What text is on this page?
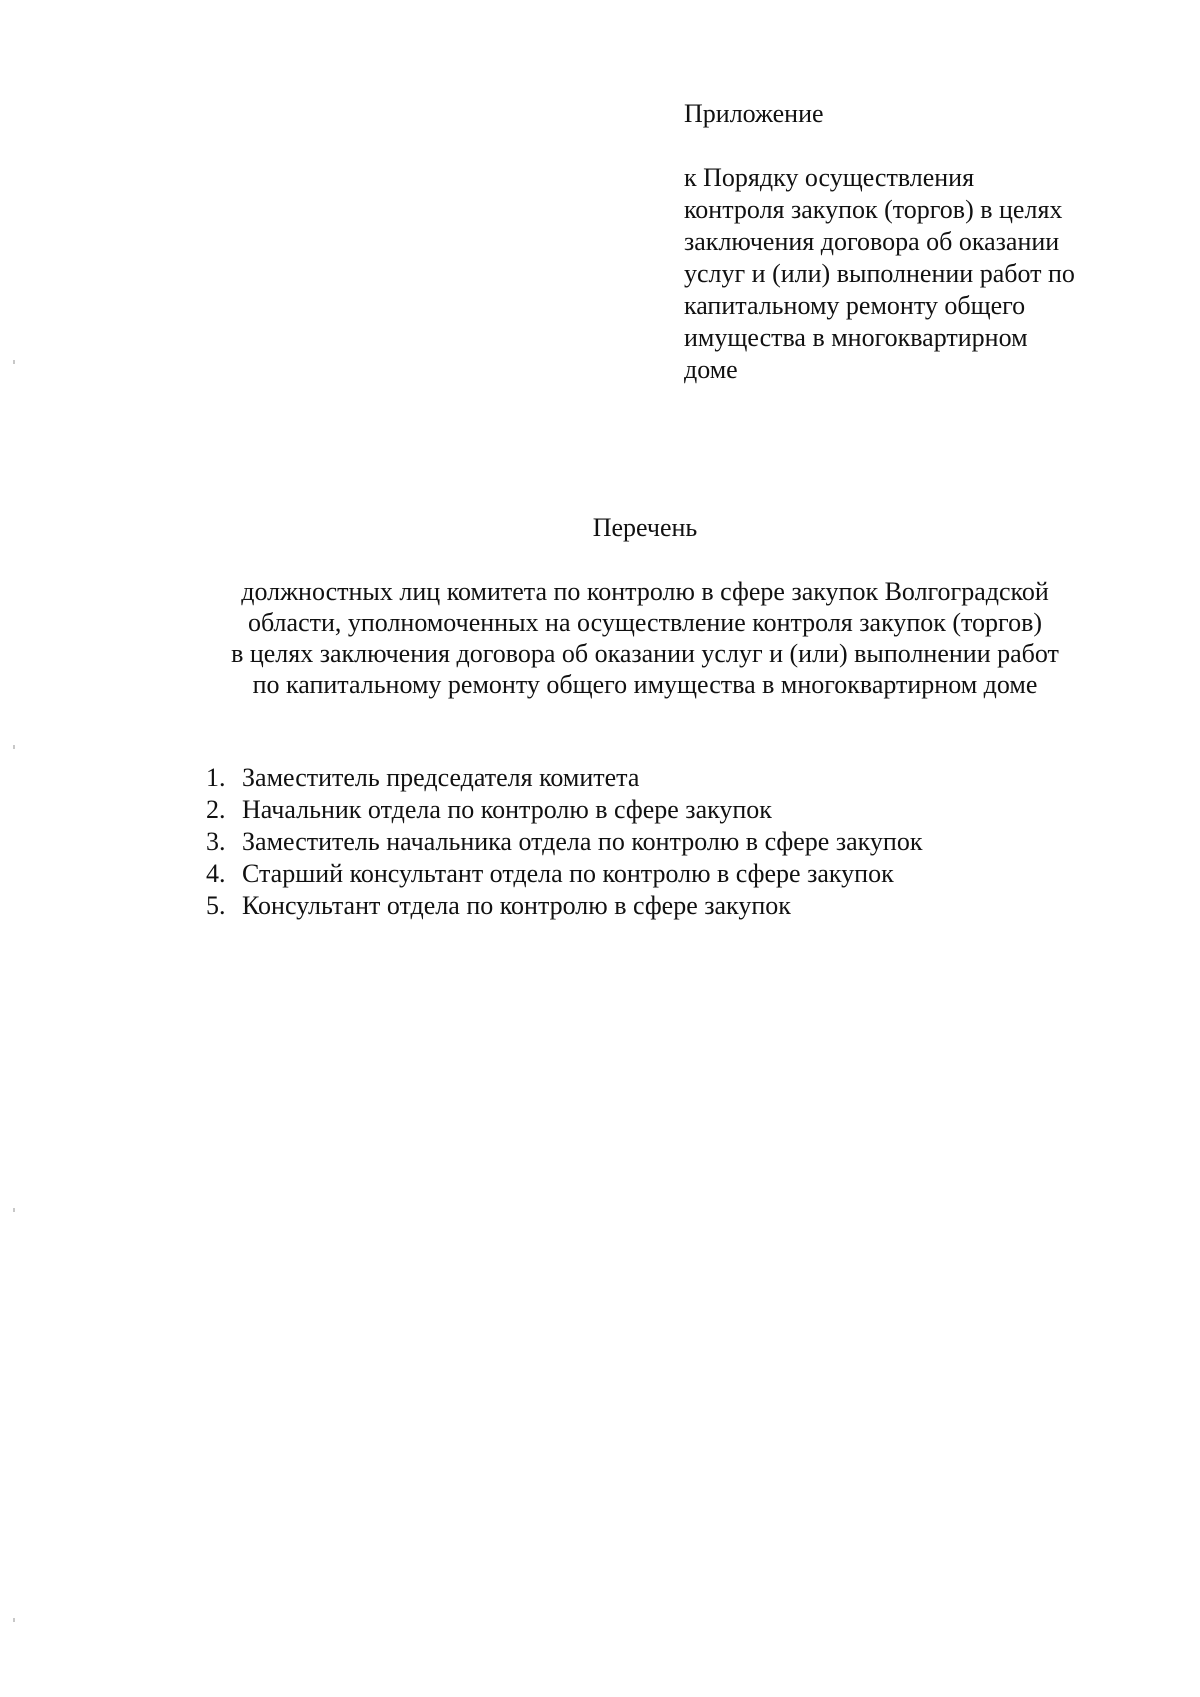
Приложение

к Порядку осуществления
контроля закупок (торгов) в целях
заключения договора об оказании
услуг и (или) выполнении работ по
капитальному ремонту общего
имущества в многоквартирном
доме

Перечень
должностных лиц комитета по контролю в сфере закупок Волгоградской
области, уполномоченных на осуществление контроля закупок (торгов)
в целях заключения договора об оказании услуг и (или) выполнении работ
по капитальному ремонту общего имущества в многоквартирном доме
1. Заместитель председателя комитета
2. Начальник отдела по контролю в сфере закупок
3. Заместитель начальника отдела по контролю в сфере закупок
4. Старший консультант отдела по контролю в сфере закупок
5. Консультант отдела по контролю в сфере закупок
